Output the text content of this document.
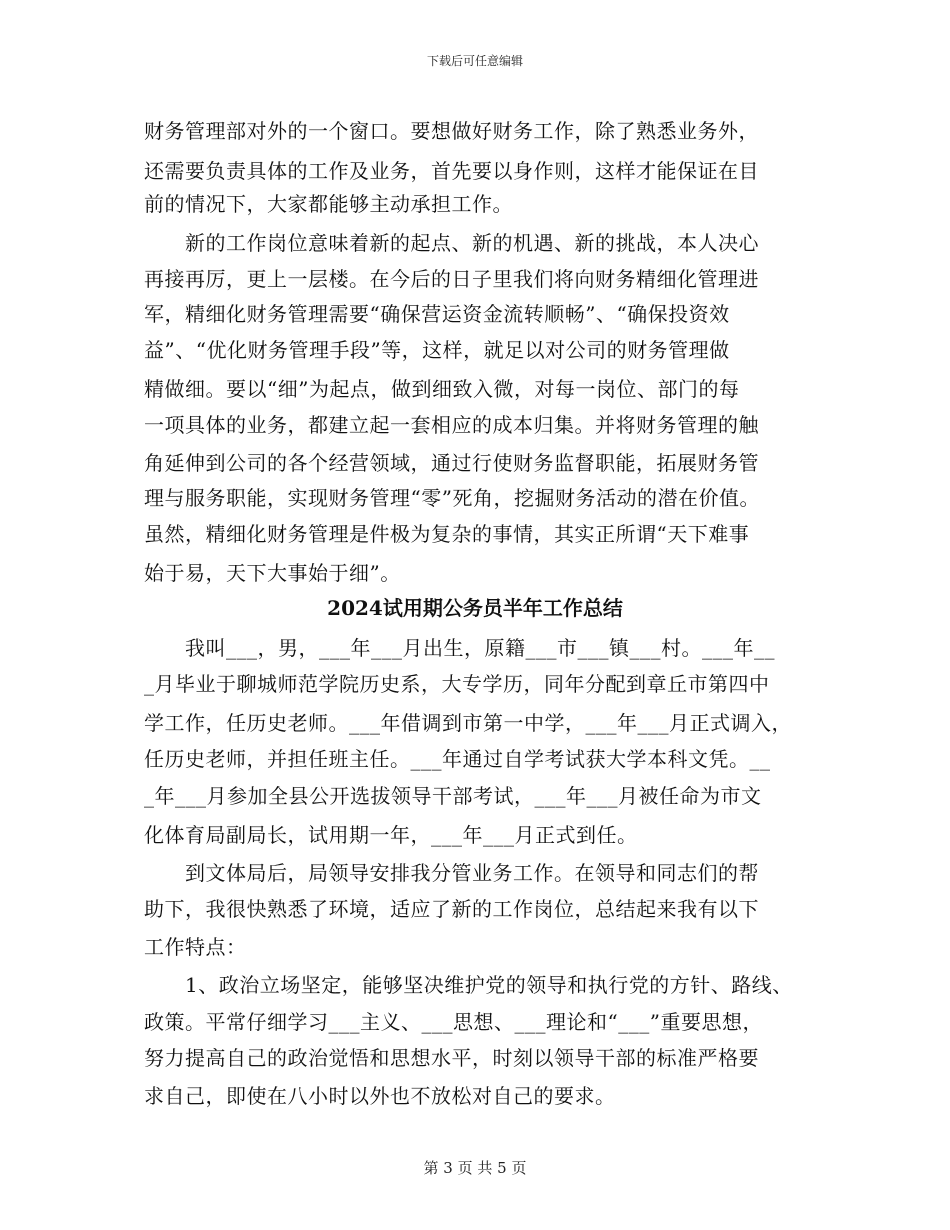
下载后可任意编辑
财务管理部对外的一个窗口。要想做好财务工作，除了熟悉业务外，
还需要负责具体的工作及业务，首先要以身作则，这样才能保证在目
前的情况下，大家都能够主动承担工作。
　　新的工作岗位意味着新的起点、新的机遇、新的挑战，本人决心
再接再厉，更上一层楼。在今后的日子里我们将向财务精细化管理进
军，精细化财务管理需要“确保营运资金流转顺畅”、“确保投资效
益”、“优化财务管理手段”等，这样，就足以对公司的财务管理做
精做细。要以“细”为起点，做到细致入微，对每一岗位、部门的每
一项具体的业务，都建立起一套相应的成本归集。并将财务管理的触
角延伸到公司的各个经营领域，通过行使财务监督职能，拓展财务管
理与服务职能，实现财务管理“零”死角，挖掘财务活动的潜在价值。
虽然，精细化财务管理是件极为复杂的事情，其实正所谓“天下难事
始于易，天下大事始于细”。
2024试用期公务员半年工作总结
　　我叫___，男，___年___月出生，原籍___市___镇___村。___年__
_月毕业于聊城师范学院历史系，大专学历，同年分配到章丘市第四中
学工作，任历史老师。___年借调到市第一中学，___年___月正式调入，
任历史老师，并担任班主任。___年通过自学考试获大学本科文凭。__
_年___月参加全县公开选拔领导干部考试，___年___月被任命为市文
化体育局副局长，试用期一年，___年___月正式到任。
　　到文体局后，局领导安排我分管业务工作。在领导和同志们的帮
助下，我很快熟悉了环境，适应了新的工作岗位，总结起来我有以下
工作特点：
　　1、政治立场坚定，能够坚决维护党的领导和执行党的方针、路线、
政策。平常仔细学习___主义、___思想、___理论和“___”重要思想，
努力提高自己的政治觉悟和思想水平，时刻以领导干部的标准严格要
求自己，即使在八小时以外也不放松对自己的要求。
第 3 页 共 5 页
